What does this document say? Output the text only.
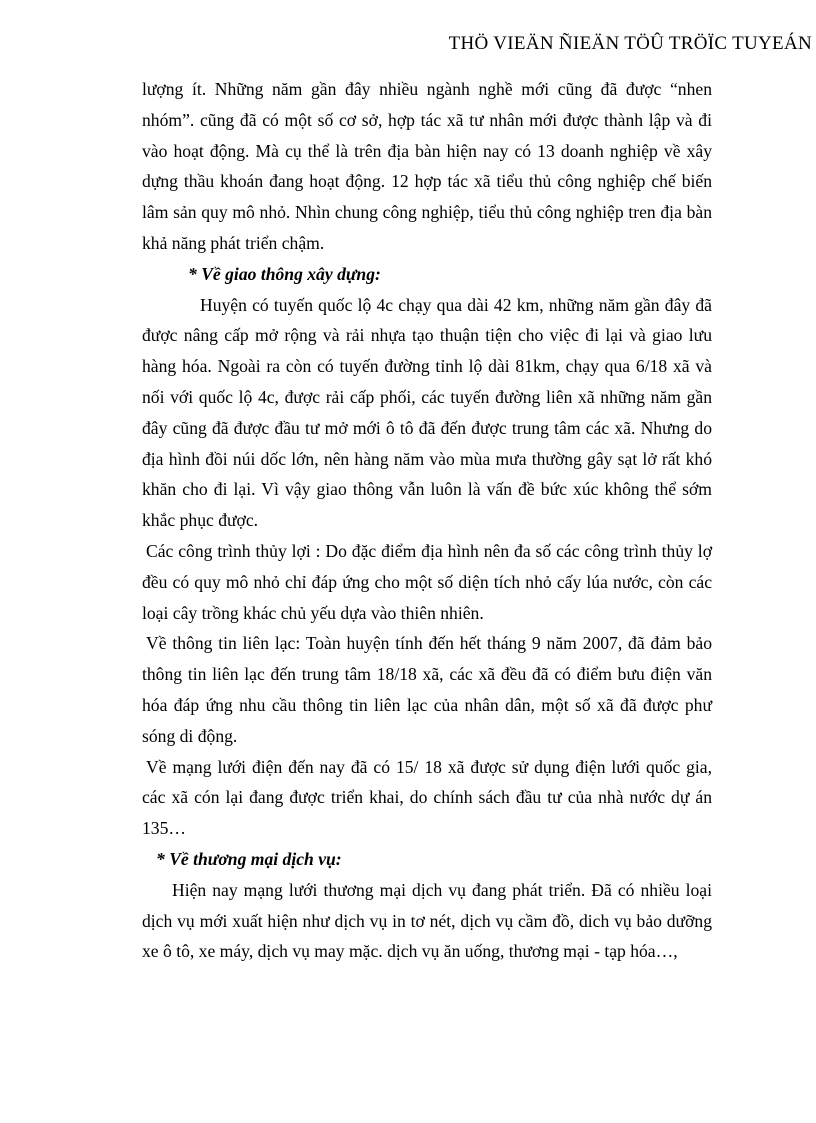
THÖ VIEÄN ÑIEÄN TÖÛ TRÖÏC TUYEÁN

lượng ít. Những năm gần đây nhiều ngành nghề mới cũng đã được “nhen nhóm”. cũng đã có một số cơ sở, hợp tác xã tư nhân mới được thành lập và đi vào hoạt động. Mà cụ thể là trên địa bàn hiện nay có 13 doanh nghiệp về xây dựng thầu khoán đang hoạt động. 12 hợp tác xã tiểu thủ công nghiệp chế biến lâm sản quy mô nhỏ. Nhìn chung công nghiệp, tiểu thủ công nghiệp tren địa bàn khả năng phát triển chậm.

* Về giao thông xây dựng:

Huyện có tuyến quốc lộ 4c chạy qua dài 42 km, những năm gần đây đã được nâng cấp mở rộng và rải nhựa tạo thuận tiện cho việc đi lại và giao lưu hàng hóa. Ngoài ra còn có tuyến đường tỉnh lộ dài 81km, chạy qua 6/18 xã và nối với quốc lộ 4c, được rải cấp phối, các tuyến đường liên xã những năm gần đây cũng đã được đầu tư mở mới ô tô đã đến được trung tâm các xã. Nhưng do địa hình đồi núi dốc lớn, nên hàng năm vào mùa mưa thường gây sạt lở rất khó khăn cho đi lại. Vì vậy giao thông vẫn luôn là vấn đề bức xúc không thể sớm khắc phục được.

Các công trình thủy lợi : Do đặc điểm địa hình nên đa số các công trình thủy lợ đều có quy mô nhỏ chỉ đáp ứng cho một số diện tích nhỏ cấy lúa nước, còn các loại cây trồng khác chủ yếu dựa vào thiên nhiên.

Về thông tin liên lạc: Toàn huyện tính đến hết tháng 9 năm 2007, đã đảm bảo thông tin liên lạc đến trung tâm 18/18 xã, các xã đều đã có điểm bưu điện văn hóa đáp ứng nhu cầu thông tin liên lạc của nhân dân, một số xã đã được phư sóng di động.

Về mạng lưới điện đến nay đã có 15/ 18 xã được sử dụng điện lưới quốc gia, các xã cón lại đang được triển khai, do chính sách đầu tư của nhà nước dự án 135…

* Về thương mại dịch vụ:

Hiện nay mạng lưới thương mại dịch vụ đang phát triển. Đã có nhiều loại dịch vụ mới xuất hiện như dịch vụ in tơ nét, dịch vụ cầm đồ, dich vụ bảo dưỡng xe ô tô, xe máy, dịch vụ may mặc. dịch vụ ăn uống, thương mại - tạp hóa…,
